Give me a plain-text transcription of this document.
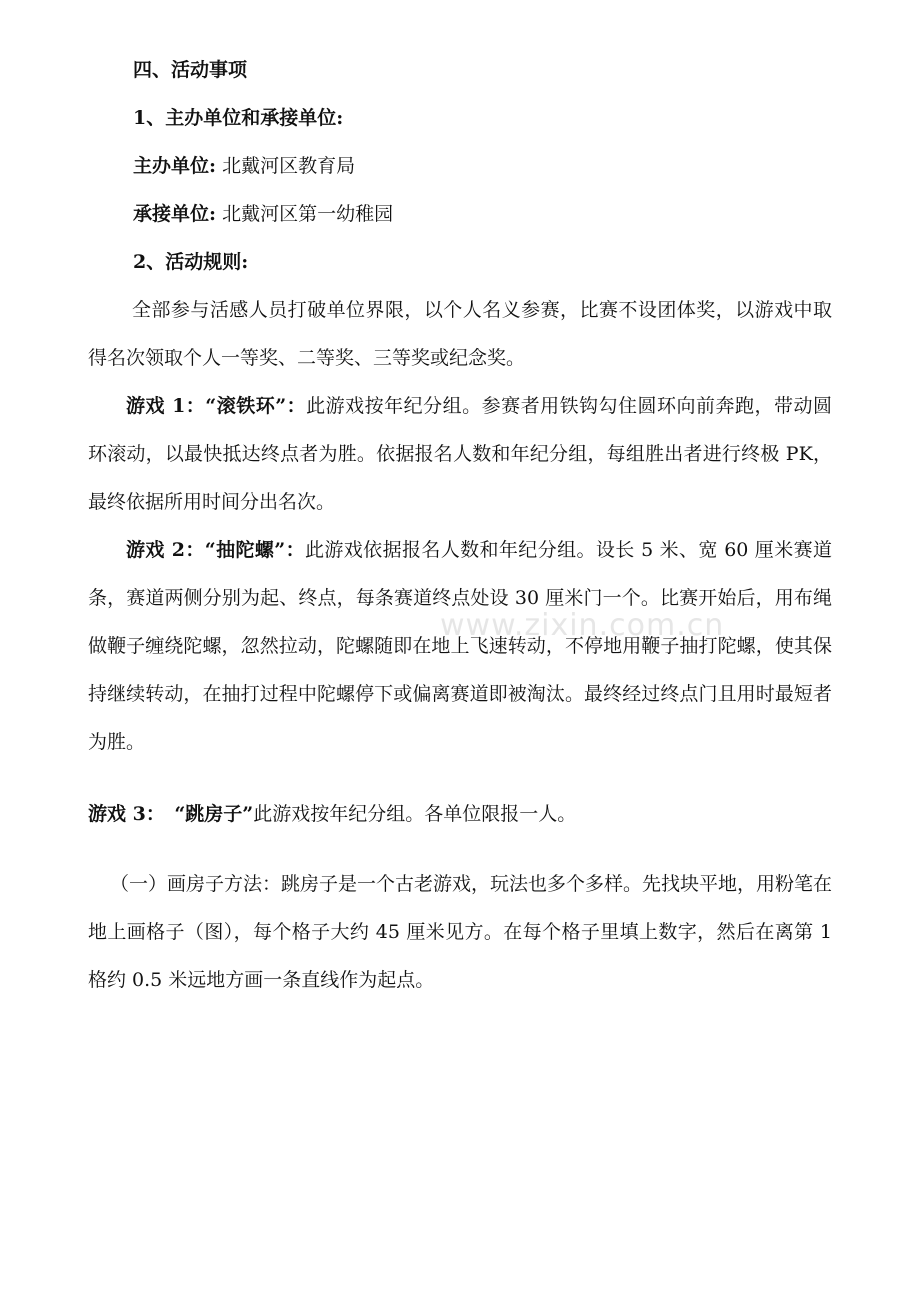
四、活动事项
1、主办单位和承接单位:
主办单位: 北戴河区教育局
承接单位: 北戴河区第一幼稚园
2、活动规则:
全部参与活感人员打破单位界限，以个人名义参赛，比赛不设团体奖，以游戏中取得名次领取个人一等奖、二等奖、三等奖或纪念奖。
游戏 1：“滚铁环”：此游戏按年纪分组。参赛者用铁钩勾住圆环向前奔跑，带动圆环滚动，以最快抵达终点者为胜。依据报名人数和年纪分组，每组胜出者进行终极 PK，最终依据所用时间分出名次。
游戏 2：“抽陀螺”：此游戏依据报名人数和年纪分组。设长 5 米、宽 60 厘米赛道　条，赛道两侧分别为起、终点，每条赛道终点处设 30 厘米门一个。比赛开始后，用布绳做鞭子缠绕陀螺，忽然拉动，陀螺随即在地上飞速转动，不停地用鞭子抽打陀螺，使其保持继续转动，在抽打过程中陀螺停下或偏离赛道即被淘汰。最终经过终点门且用时最短者为胜。
游戏 3：　“跳房子”此游戏按年纪分组。各单位限报一人。
（一）画房子方法：跳房子是一个古老游戏，玩法也多个多样。先找块平地，用粉笔在地上画格子（图），每个格子大约 45 厘米见方。在每个格子里填上数字，然后在离第 1 格约 0.5 米远地方画一条直线作为起点。
www.zixin.com.cn
